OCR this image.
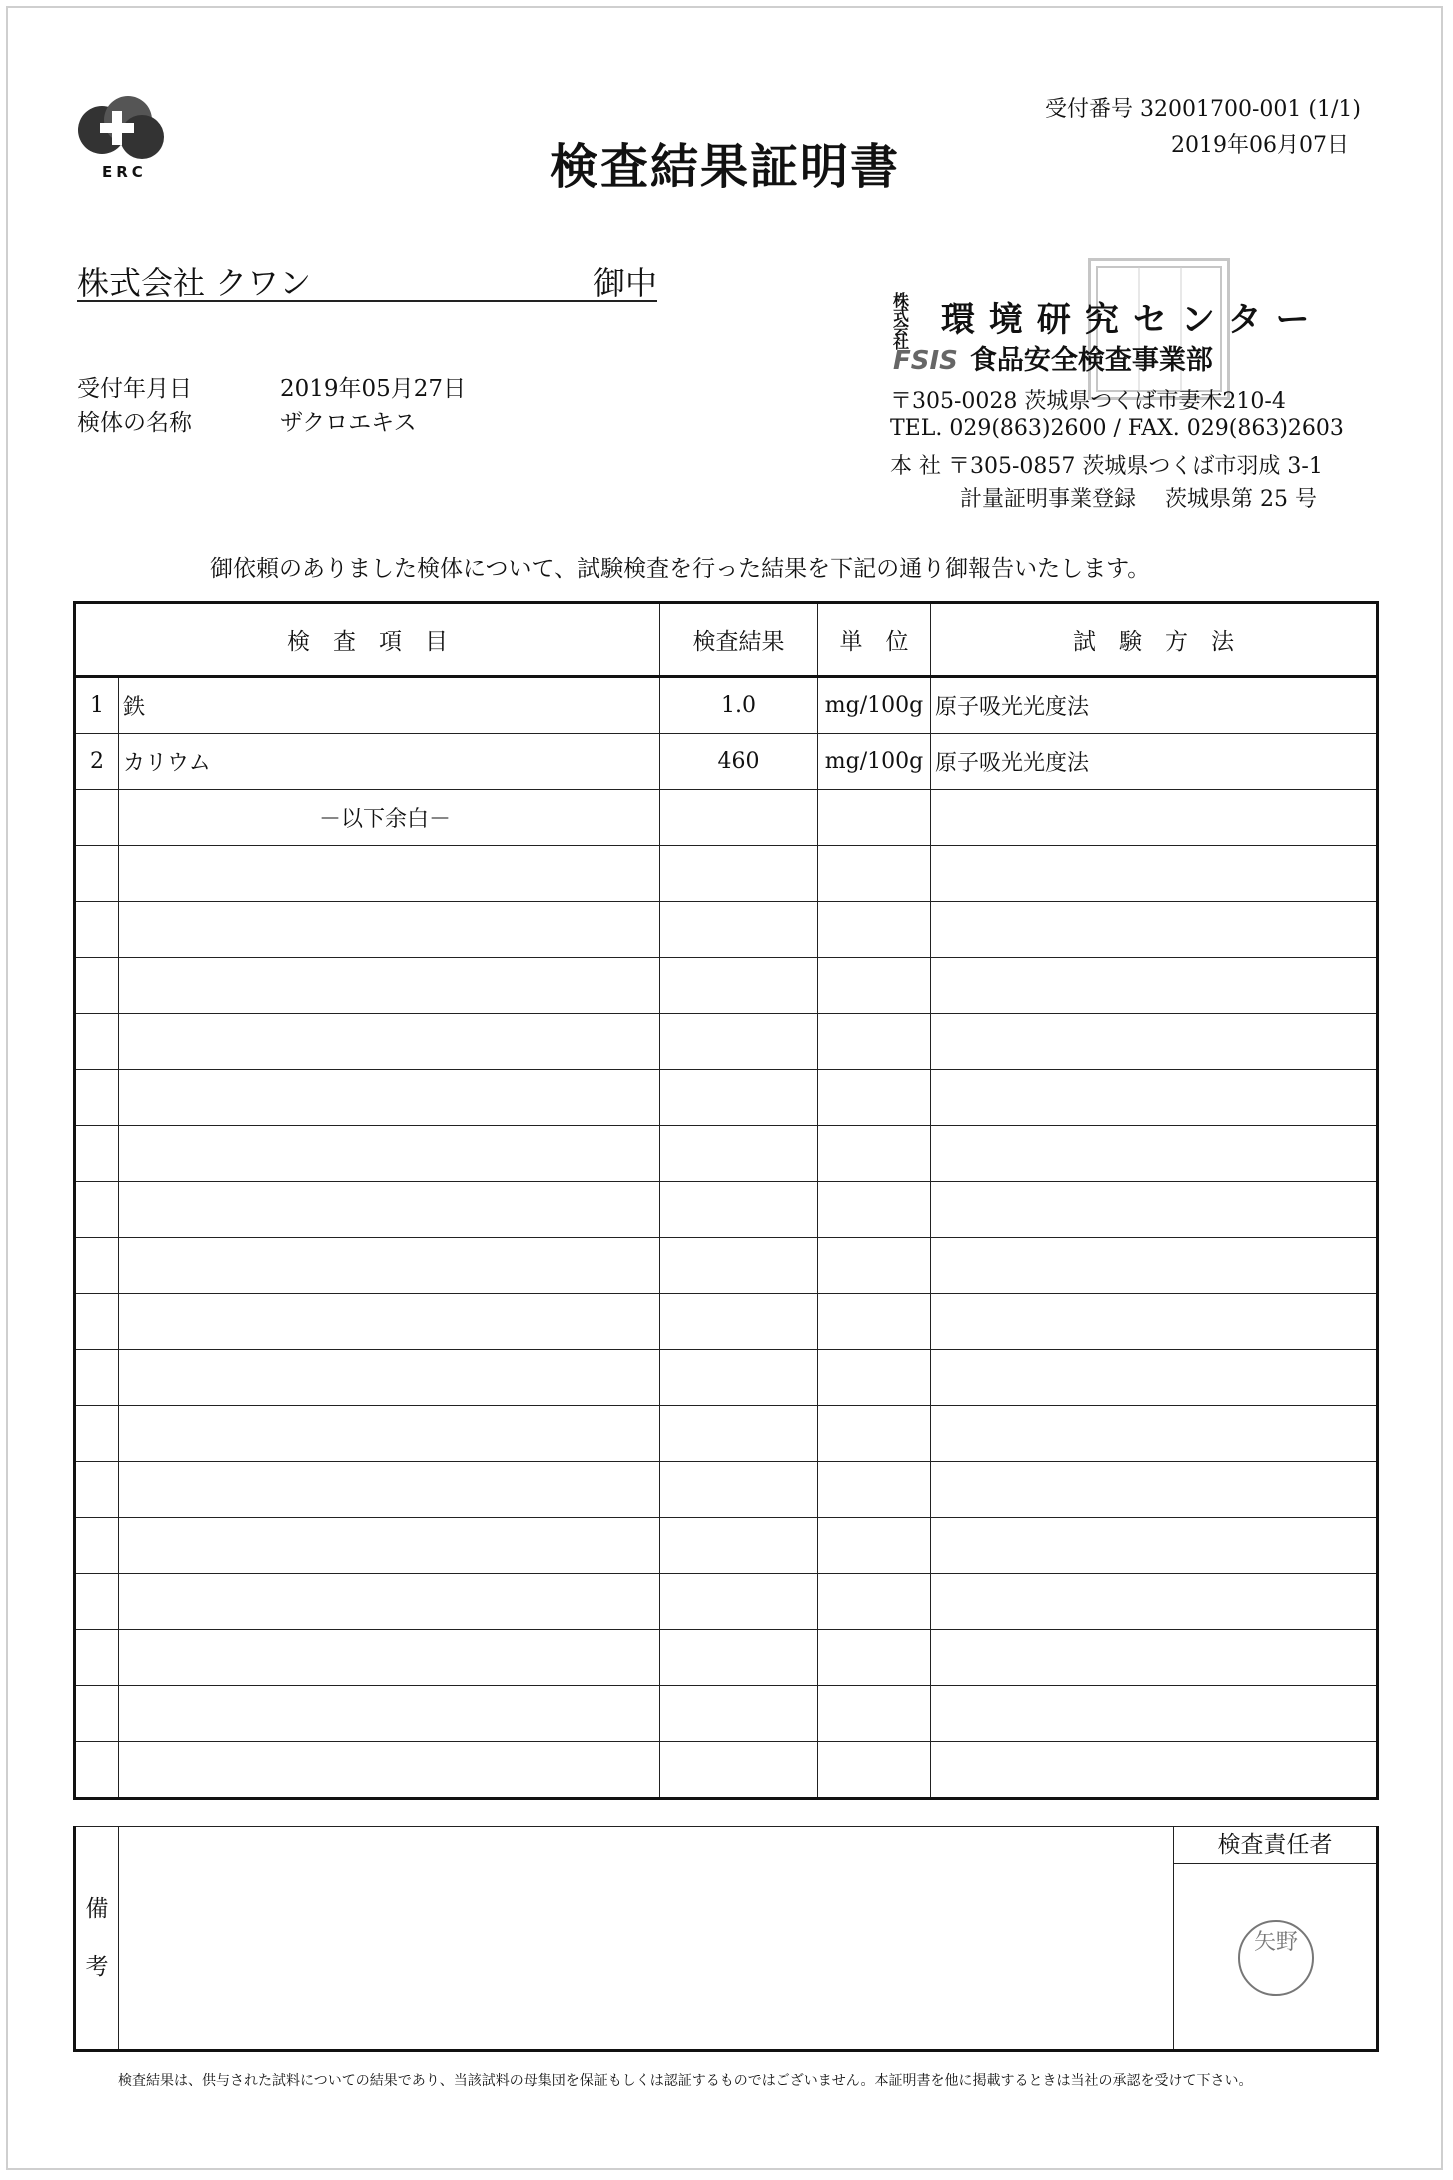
ERC	検査結果証明書
受付番号 32001700-001 (1/1)
2019年06月07日
株式会社 クワン	御中
受付年月日	2019年05月27日
検体の名称	ザクロエキス
株式会社 環境研究センター
FSIS 食品安全検査事業部
〒305-0028 茨城県つくば市妻木210-4
TEL. 029(863)2600 / FAX. 029(863)2603
本 社 〒305-0857 茨城県つくば市羽成 3-1
計量証明事業登録　 茨城県第 25 号
御依頼のありました検体について、試験検査を行った結果を下記の通り御報告いたします。
検　査　項　目		検査結果	単　位	試　験　方　法
1	鉄	1.0	mg/100g	原子吸光光度法
2	カリウム	460	mg/100g	原子吸光光度法
	－以下余白－			

備
考

検査責任者
矢野
検査結果は、供与された試料についての結果であり、当該試料の母集団を保証もしくは認証するものではございません。本証明書を他に掲載するときは当社の承認を受けて下さい。
